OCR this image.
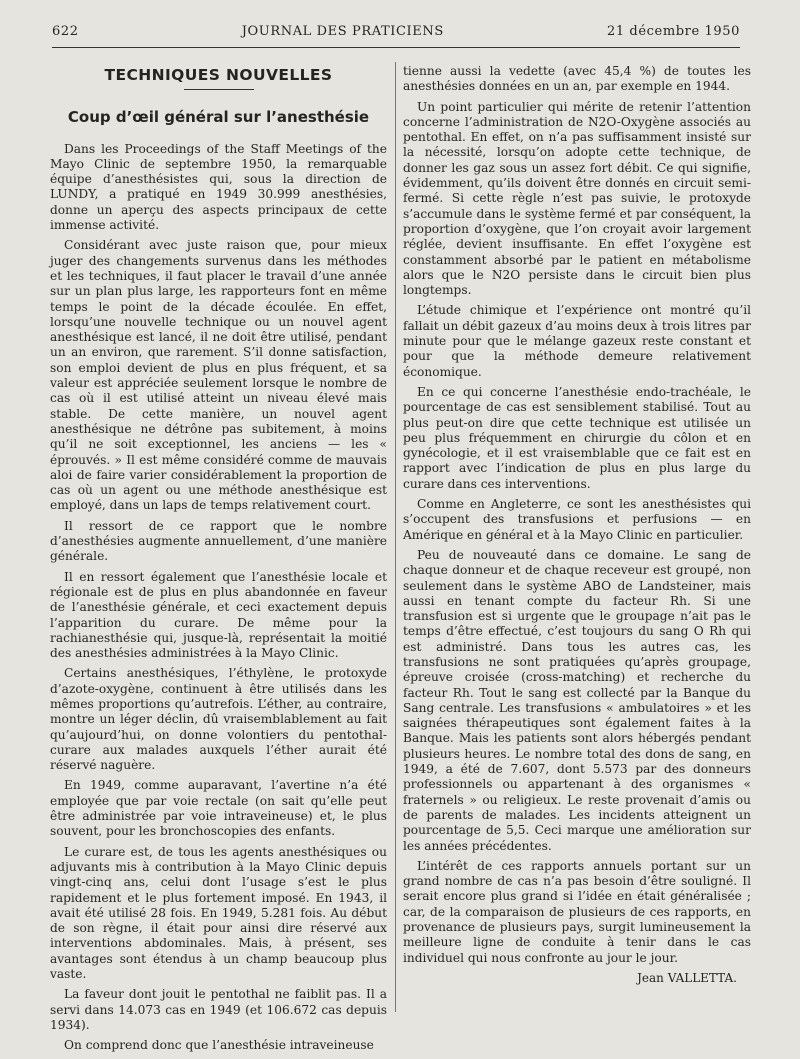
622	JOURNAL DES PRATICIENS	21 décembre 1950
TECHNIQUES NOUVELLES
Coup d’œil général sur l’anesthésie

Dans les Proceedings of the Staff Meetings of the Mayo Clinic de septembre 1950, la remarquable équipe d’anesthésistes qui, sous la direction de LUNDY, a pratiqué en 1949 30.999 anesthésies, donne un aperçu des aspects principaux de cette immense activité.

Considérant avec juste raison que, pour mieux juger des changements survenus dans les méthodes et les techniques, il faut placer le travail d’une année sur un plan plus large, les rapporteurs font en même temps le point de la décade écoulée. En effet, lorsqu’une nouvelle technique ou un nouvel agent anesthésique est lancé, il ne doit être utilisé, pendant un an environ, que rarement. S’il donne satisfaction, son emploi devient de plus en plus fréquent, et sa valeur est appréciée seulement lorsque le nombre de cas où il est utilisé atteint un niveau élevé mais stable. De cette manière, un nouvel agent anesthésique ne détrône pas subitement, à moins qu’il ne soit exceptionnel, les anciens — les « éprouvés. » Il est même considéré comme de mauvais aloi de faire varier considérablement la proportion de cas où un agent ou une méthode anesthésique est employé, dans un laps de temps relativement court.

Il ressort de ce rapport que le nombre d’anesthésies augmente annuellement, d’une manière générale.

Il en ressort également que l’anesthésie locale et régionale est de plus en plus abandonnée en faveur de l’anesthésie générale, et ceci exactement depuis l’apparition du curare. De même pour la rachianesthésie qui, jusque-là, représentait la moitié des anesthésies administrées à la Mayo Clinic.

Certains anesthésiques, l’éthylène, le protoxyde d’azote-oxygène, continuent à être utilisés dans les mêmes proportions qu’autrefois. L’éther, au contraire, montre un léger déclin, dû vraisemblablement au fait qu’aujourd’hui, on donne volontiers du pentothal-curare aux malades auxquels l’éther aurait été réservé naguère.

En 1949, comme auparavant, l’avertine n’a été employée que par voie rectale (on sait qu’elle peut être administrée par voie intraveineuse) et, le plus souvent, pour les bronchoscopies des enfants.

Le curare est, de tous les agents anesthésiques ou adjuvants mis à contribution à la Mayo Clinic depuis vingt-cinq ans, celui dont l’usage s’est le plus rapidement et le plus fortement imposé. En 1943, il avait été utilisé 28 fois. En 1949, 5.281 fois. Au début de son règne, il était pour ainsi dire réservé aux interventions abdominales. Mais, à présent, ses avantages sont étendus à un champ beaucoup plus vaste.

La faveur dont jouit le pentothal ne faiblit pas. Il a servi dans 14.073 cas en 1949 (et 106.672 cas depuis 1934).

On comprend donc que l’anesthésie intraveineuse

tienne aussi la vedette (avec 45,4 %) de toutes les anesthésies données en un an, par exemple en 1944.

Un point particulier qui mérite de retenir l’attention concerne l’administration de N2O-Oxygène associés au pentothal. En effet, on n’a pas suffisamment insisté sur la nécessité, lorsqu’on adopte cette technique, de donner les gaz sous un assez fort débit. Ce qui signifie, évidemment, qu’ils doivent être donnés en circuit semi-fermé. Si cette règle n’est pas suivie, le protoxyde s’accumule dans le système fermé et par conséquent, la proportion d’oxygène, que l’on croyait avoir largement réglée, devient insuffisante. En effet l’oxygène est constamment absorbé par le patient en métabolisme alors que le N2O persiste dans le circuit bien plus longtemps.

L’étude chimique et l’expérience ont montré qu’il fallait un débit gazeux d’au moins deux à trois litres par minute pour que le mélange gazeux reste constant et pour que la méthode demeure relativement économique.

En ce qui concerne l’anesthésie endo-trachéale, le pourcentage de cas est sensiblement stabilisé. Tout au plus peut-on dire que cette technique est utilisée un peu plus fréquemment en chirurgie du côlon et en gynécologie, et il est vraisemblable que ce fait est en rapport avec l’indication de plus en plus large du curare dans ces interventions.

Comme en Angleterre, ce sont les anesthésistes qui s’occupent des transfusions et perfusions — en Amérique en général et à la Mayo Clinic en particulier.

Peu de nouveauté dans ce domaine. Le sang de chaque donneur et de chaque receveur est groupé, non seulement dans le système ABO de Landsteiner, mais aussi en tenant compte du facteur Rh. Si une transfusion est si urgente que le groupage n’ait pas le temps d’être effectué, c’est toujours du sang O Rh qui est administré. Dans tous les autres cas, les transfusions ne sont pratiquées qu’après groupage, épreuve croisée (cross-matching) et recherche du facteur Rh. Tout le sang est collecté par la Banque du Sang centrale. Les transfusions « ambulatoires » et les saignées thérapeutiques sont également faites à la Banque. Mais les patients sont alors hébergés pendant plusieurs heures. Le nombre total des dons de sang, en 1949, a été de 7.607, dont 5.573 par des donneurs professionnels ou appartenant à des organismes « fraternels » ou religieux. Le reste provenait d’amis ou de parents de malades. Les incidents atteignent un pourcentage de 5,5. Ceci marque une amélioration sur les années précédentes.

L’intérêt de ces rapports annuels portant sur un grand nombre de cas n’a pas besoin d’être souligné. Il serait encore plus grand si l’idée en était généralisée ; car, de la comparaison de plusieurs de ces rapports, en provenance de plusieurs pays, surgit lumineusement la meilleure ligne de conduite à tenir dans le cas individuel qui nous confronte au jour le jour.

Jean VALLETTA.
